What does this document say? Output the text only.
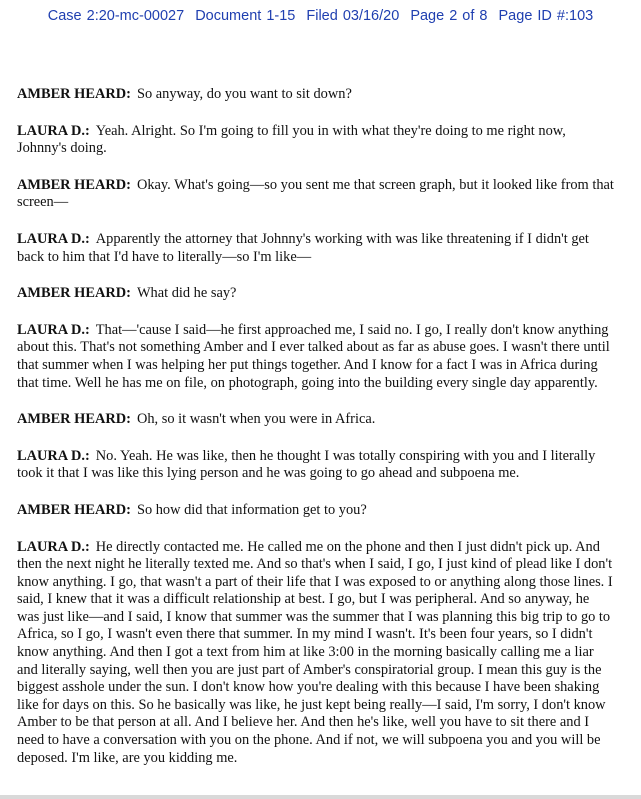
Case 2:20-mc-00027 Document 1-15 Filed 03/16/20 Page 2 of 8 Page ID #:103

AMBER HEARD: So anyway, do you want to sit down?

LAURA D.: Yeah. Alright. So I'm going to fill you in with what they're doing to me right now, Johnny's doing.

AMBER HEARD: Okay. What's going—so you sent me that screen graph, but it looked like from that screen—

LAURA D.: Apparently the attorney that Johnny's working with was like threatening if I didn't get back to him that I'd have to literally—so I'm like—

AMBER HEARD: What did he say?

LAURA D.: That—'cause I said—he first approached me, I said no. I go, I really don't know anything about this. That's not something Amber and I ever talked about as far as abuse goes. I wasn't there until that summer when I was helping her put things together. And I know for a fact I was in Africa during that time. Well he has me on file, on photograph, going into the building every single day apparently.

AMBER HEARD: Oh, so it wasn't when you were in Africa.

LAURA D.: No. Yeah. He was like, then he thought I was totally conspiring with you and I literally took it that I was like this lying person and he was going to go ahead and subpoena me.

AMBER HEARD: So how did that information get to you?

LAURA D.: He directly contacted me. He called me on the phone and then I just didn't pick up. And then the next night he literally texted me. And so that's when I said, I go, I just kind of plead like I don't know anything. I go, that wasn't a part of their life that I was exposed to or anything along those lines. I said, I knew that it was a difficult relationship at best. I go, but I was peripheral. And so anyway, he was just like—and I said, I know that summer was the summer that I was planning this big trip to go to Africa, so I go, I wasn't even there that summer. In my mind I wasn't. It's been four years, so I didn't know anything. And then I got a text from him at like 3:00 in the morning basically calling me a liar and literally saying, well then you are just part of Amber's conspiratorial group. I mean this guy is the biggest asshole under the sun. I don't know how you're dealing with this because I have been shaking like for days on this. So he basically was like, he just kept being really—I said, I'm sorry, I don't know Amber to be that person at all. And I believe her. And then he's like, well you have to sit there and I need to have a conversation with you on the phone. And if not, we will subpoena you and you will be deposed. I'm like, are you kidding me.
